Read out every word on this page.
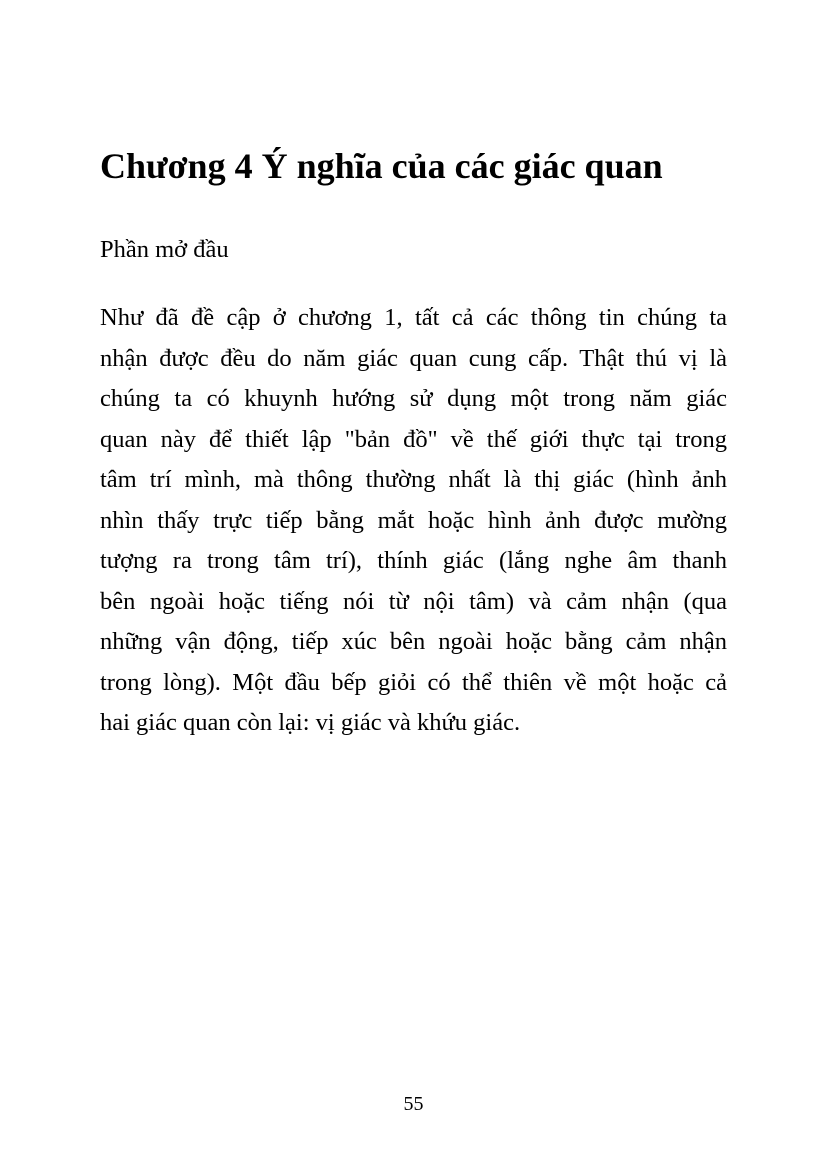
Chương 4 Ý nghĩa của các giác quan
Phần mở đầu
Như đã đề cập ở chương 1, tất cả các thông tin chúng ta
nhận được đều do năm giác quan cung cấp. Thật thú vị là
chúng ta có khuynh hướng sử dụng một trong năm giác
quan này để thiết lập "bản đồ" về thế giới thực tại trong
tâm trí mình, mà thông thường nhất là thị giác (hình ảnh
nhìn thấy trực tiếp bằng mắt hoặc hình ảnh được mường
tượng ra trong tâm trí), thính giác (lắng nghe âm thanh
bên ngoài hoặc tiếng nói từ nội tâm) và cảm nhận (qua
những vận động, tiếp xúc bên ngoài hoặc bằng cảm nhận
trong lòng). Một đầu bếp giỏi có thể thiên về một hoặc cả
hai giác quan còn lại: vị giác và khứu giác.

55
